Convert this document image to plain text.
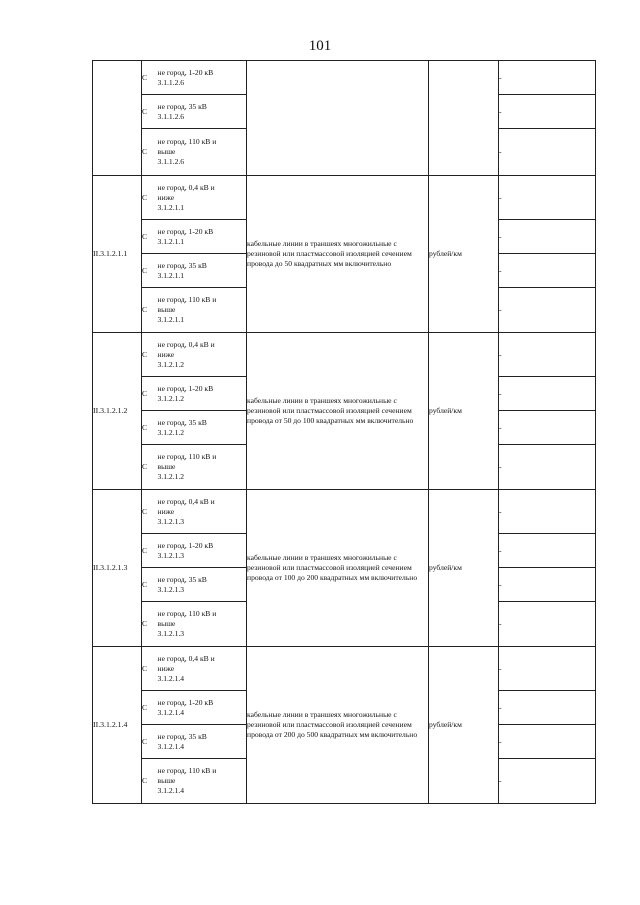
101
	С	не город, 1-20 кВ
3.1.1.2.6			-
	С	не город, 35 кВ
3.1.1.2.6			-
	С	не город, 110 кВ и
выше
3.1.1.2.6			-
II.3.1.2.1.1	С	не город, 0,4 кВ и
ниже
3.1.2.1.1	кабельные линии в траншеях многожильные с резиновой или пластмассовой изоляцией сечением провода до 50 квадратных мм включительно	рублей/км	-
	С	не город, 1-20 кВ
3.1.2.1.1			-
	С	не город, 35 кВ
3.1.2.1.1			-
	С	не город, 110 кВ и
выше
3.1.2.1.1			-
II.3.1.2.1.2	С	не город, 0,4 кВ и
ниже
3.1.2.1.2	кабельные линии в траншеях многожильные с резиновой или пластмассовой изоляцией сечением провода от 50 до 100 квадратных мм включительно	рублей/км	-
	С	не город, 1-20 кВ
3.1.2.1.2			-
	С	не город, 35 кВ
3.1.2.1.2			-
	С	не город, 110 кВ и
выше
3.1.2.1.2			-
II.3.1.2.1.3	С	не город, 0,4 кВ и
ниже
3.1.2.1.3	кабельные линии в траншеях многожильные с резиновой или пластмассовой изоляцией сечением провода от 100 до 200 квадратных мм включительно	рублей/км	-
	С	не город, 1-20 кВ
3.1.2.1.3			-
	С	не город, 35 кВ
3.1.2.1.3			-
	С	не город, 110 кВ и
выше
3.1.2.1.3			-
II.3.1.2.1.4	С	не город, 0,4 кВ и
ниже
3.1.2.1.4	кабельные линии в траншеях многожильные с резиновой или пластмассовой изоляцией сечением провода от 200 до 500 квадратных мм включительно	рублей/км	-
	С	не город, 1-20 кВ
3.1.2.1.4			-
	С	не город, 35 кВ
3.1.2.1.4			-
	С	не город, 110 кВ и
выше
3.1.2.1.4			-
